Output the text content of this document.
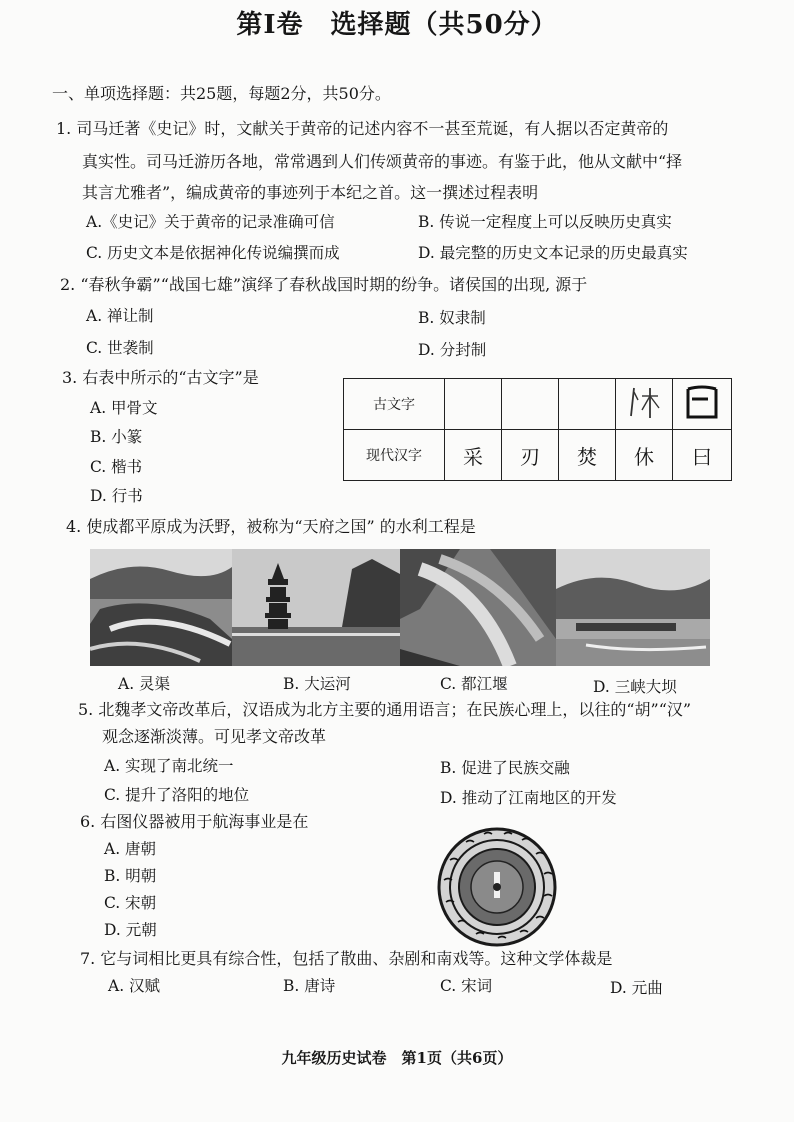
第Ⅰ卷　选择题（共50分）
一、单项选择题：共25题，每题2分，共50分。
1. 司马迁著《史记》时，文献关于黄帝的记述内容不一甚至荒诞，有人据以否定黄帝的
真实性。司马迁游历各地，常常遇到人们传颂黄帝的事迹。有鉴于此，他从文献中“择
其言尤雅者”，编成黄帝的事迹列于本纪之首。这一撰述过程表明
A.《史记》关于黄帝的记录准确可信	B. 传说一定程度上可以反映历史真实
C. 历史文本是依据神化传说编撰而成	D. 最完整的历史文本记录的历史最真实
2. “春秋争霸”“战国七雄”演绎了春秋战国时期的纷争。诸侯国的出现, 源于
A. 禅让制	B. 奴隶制
C. 世袭制	D. 分封制
3. 右表中所示的“古文字”是
A. 甲骨文
B. 小篆
C. 楷书
D. 行书
古文字					
现代汉字	采	刃	焚	休	曰
4. 使成都平原成为沃野，被称为“天府之国” 的水利工程是
A. 灵渠	B. 大运河	C. 都江堰	D. 三峡大坝
5. 北魏孝文帝改革后，汉语成为北方主要的通用语言；在民族心理上，以往的“胡”“汉”
观念逐渐淡薄。可见孝文帝改革
A. 实现了南北统一	B. 促进了民族交融
C. 提升了洛阳的地位	D. 推动了江南地区的开发
6. 右图仪器被用于航海事业是在
A. 唐朝
B. 明朝
C. 宋朝
D. 元朝
7. 它与词相比更具有综合性，包括了散曲、杂剧和南戏等。这种文学体裁是
A. 汉赋	B. 唐诗	C. 宋词	D. 元曲
九年级历史试卷　第1页（共6页）
